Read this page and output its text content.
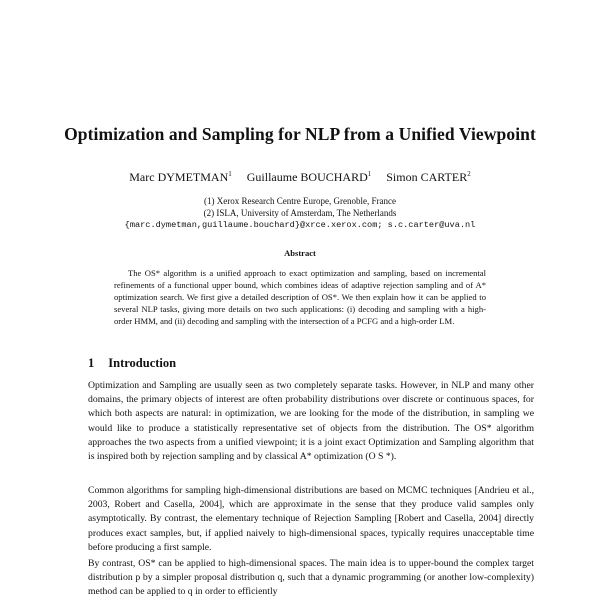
Optimization and Sampling for NLP from a Unified Viewpoint
Marc DYMETMAN$^1$ Guillaume BOUCHARD$^1$ Simon CARTER$^2$
(1) Xerox Research Centre Europe, Grenoble, France
(2) ISLA, University of Amsterdam, The Netherlands
{marc.dymetman,guillaume.bouchard}@xrce.xerox.com; s.c.carter@uva.nl
Abstract
The OS* algorithm is a unified approach to exact optimization and sampling, based on incremental refinements of a functional upper bound, which combines ideas of adaptive rejection sampling and of A* optimization search. We first give a detailed description of OS*. We then explain how it can be applied to several NLP tasks, giving more details on two such applications: (i) decoding and sampling with a high-order HMM, and (ii) decoding and sampling with the intersection of a PCFG and a high-order LM.
1 Introduction
Optimization and Sampling are usually seen as two completely separate tasks. However, in NLP and many other domains, the primary objects of interest are often probability distributions over discrete or continuous spaces, for which both aspects are natural: in optimization, we are looking for the mode of the distribution, in sampling we would like to produce a statistically representative set of objects from the distribution. The OS* algorithm approaches the two aspects from a unified viewpoint; it is a joint exact Optimization and Sampling algorithm that is inspired both by rejection sampling and by classical A* optimization (O S *).
Common algorithms for sampling high-dimensional distributions are based on MCMC techniques [Andrieu et al., 2003, Robert and Casella, 2004], which are approximate in the sense that they produce valid samples only asymptotically. By contrast, the elementary technique of Rejection Sampling [Robert and Casella, 2004] directly produces exact samples, but, if applied naively to high-dimensional spaces, typically requires unacceptable time before producing a first sample.
By contrast, OS* can be applied to high-dimensional spaces. The main idea is to upper-bound the complex target distribution p by a simpler proposal distribution q, such that a dynamic programming (or another low-complexity) method can be applied to q in order to efficiently
